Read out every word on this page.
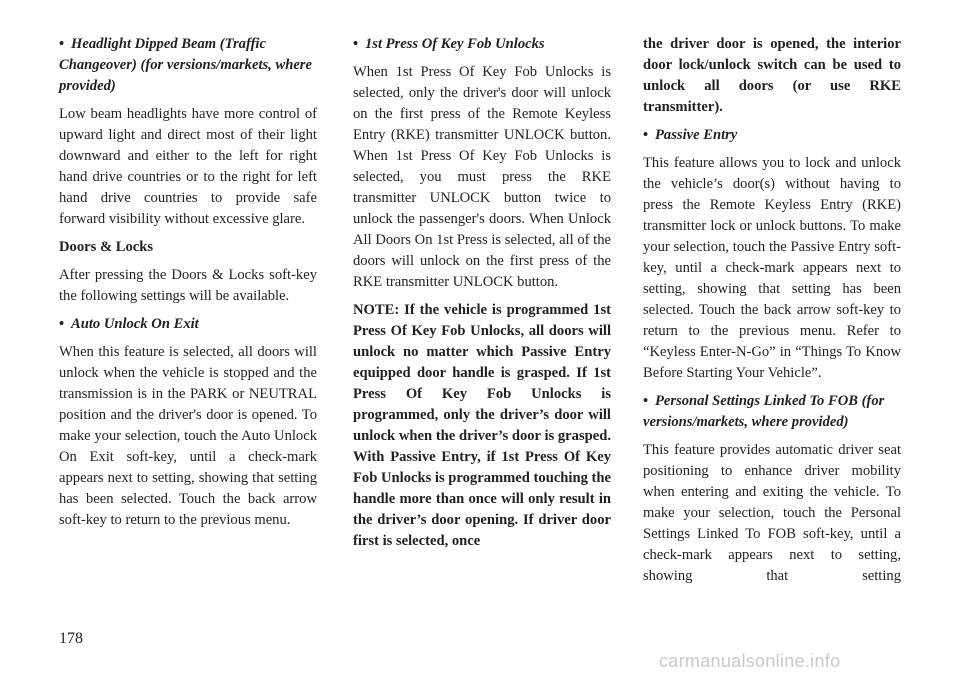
• Headlight Dipped Beam (Traffic Changeover) (for versions/markets, where provided)
Low beam headlights have more control of upward light and direct most of their light downward and either to the left for right hand drive countries or to the right for left hand drive countries to provide safe forward visibility without excessive glare.
Doors & Locks
After pressing the Doors & Locks soft-key the following settings will be available.
• Auto Unlock On Exit
When this feature is selected, all doors will unlock when the vehicle is stopped and the transmission is in the PARK or NEUTRAL position and the driver's door is opened. To make your selection, touch the Auto Unlock On Exit soft-key, until a check-mark appears next to setting, showing that setting has been selected. Touch the back arrow soft-key to return to the previous menu.
• 1st Press Of Key Fob Unlocks
When 1st Press Of Key Fob Unlocks is selected, only the driver's door will unlock on the first press of the Remote Keyless Entry (RKE) transmitter UNLOCK button. When 1st Press Of Key Fob Unlocks is selected, you must press the RKE transmitter UNLOCK button twice to unlock the passenger's doors. When Unlock All Doors On 1st Press is selected, all of the doors will unlock on the first press of the RKE transmitter UNLOCK button.
NOTE: If the vehicle is programmed 1st Press Of Key Fob Unlocks, all doors will unlock no matter which Passive Entry equipped door handle is grasped. If 1st Press Of Key Fob Unlocks is programmed, only the driver’s door will unlock when the driver’s door is grasped. With Passive Entry, if 1st Press Of Key Fob Unlocks is programmed touching the handle more than once will only result in the driver’s door opening. If driver door first is selected, once
the driver door is opened, the interior door lock/unlock switch can be used to unlock all doors (or use RKE transmitter).
• Passive Entry
This feature allows you to lock and unlock the vehicle’s door(s) without having to press the Remote Keyless Entry (RKE) transmitter lock or unlock buttons. To make your selection, touch the Passive Entry soft-key, until a check-mark appears next to setting, showing that setting has been selected. Touch the back arrow soft-key to return to the previous menu. Refer to “Keyless Enter-N-Go” in “Things To Know Before Starting Your Vehicle”.
• Personal Settings Linked To FOB (for versions/markets, where provided)
This feature provides automatic driver seat positioning to enhance driver mobility when entering and exiting the vehicle. To make your selection, touch the Personal Settings Linked To FOB soft-key, until a check-mark appears next to setting, showing that setting
178
carmanualsonline.info
